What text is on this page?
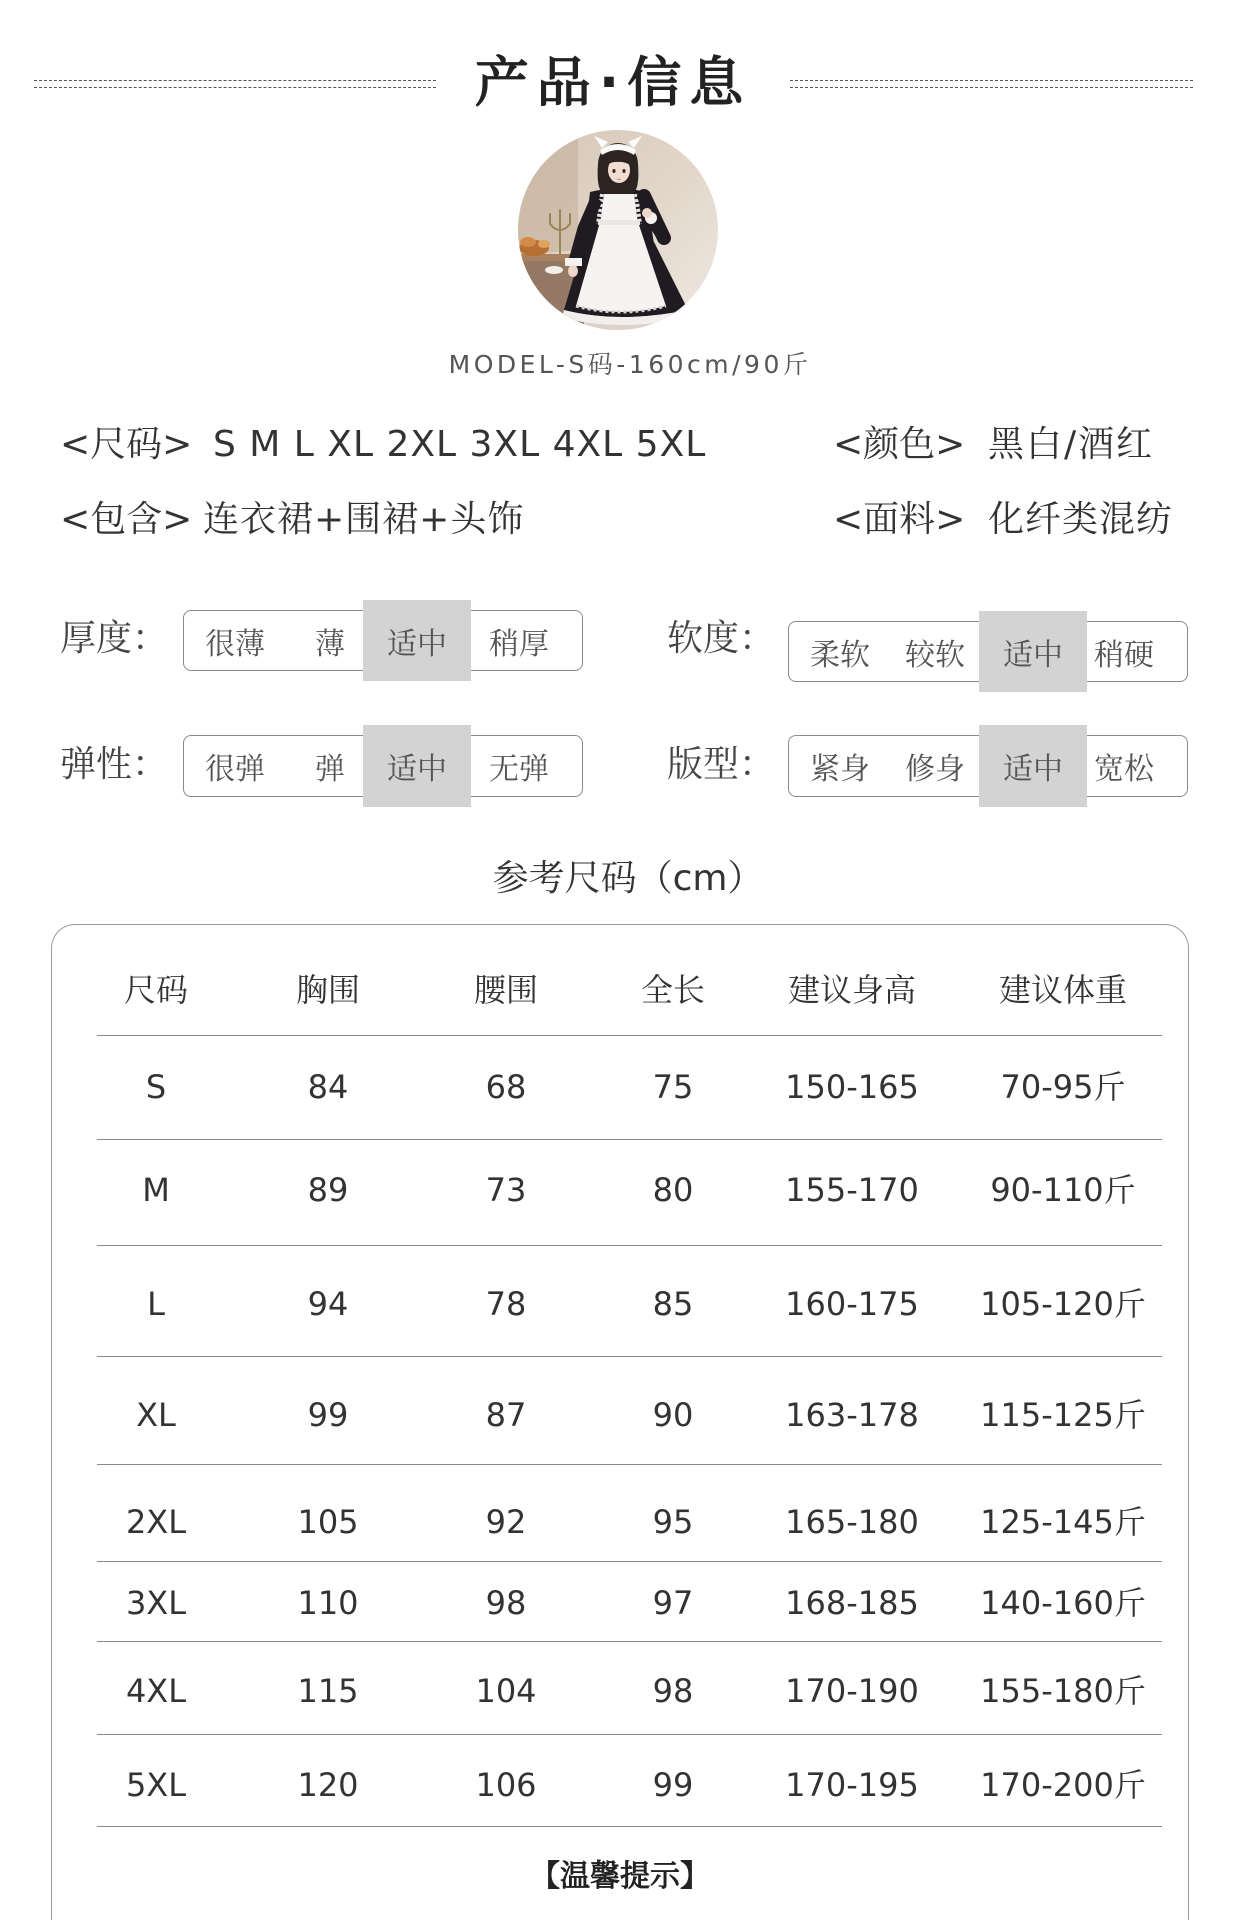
产品·信息
MODEL-S码-160cm/90斤
<尺码> S M L XL 2XL 3XL 4XL 5XL	<颜色> 黑白/酒红
<包含> 连衣裙+围裙+头饰	<面料> 化纤类混纺
厚度：	很薄	适中
薄	稍厚	软度：	柔软	适中
较软	稍硬
弹性：	很弹	适中
弹	无弹	版型：	紧身	适中
修身	宽松
参考尺码（cm）
尺码	胸围	腰围	全长	建议身高	建议体重
S	84	68	75	150-165	70-95斤
M	89	73	80	155-170 90-110斤
L	94	78	85	160-175 105-120斤
XL	99	87	90	163-178 115-125斤
2XL	105	92	95	165-180 125-145斤
3XL	110	98	97	168-185 140-160斤
4XL	115	104	98	170-190 155-180斤
5XL	120	106	99	170-195 170-200斤
【温馨提示】
